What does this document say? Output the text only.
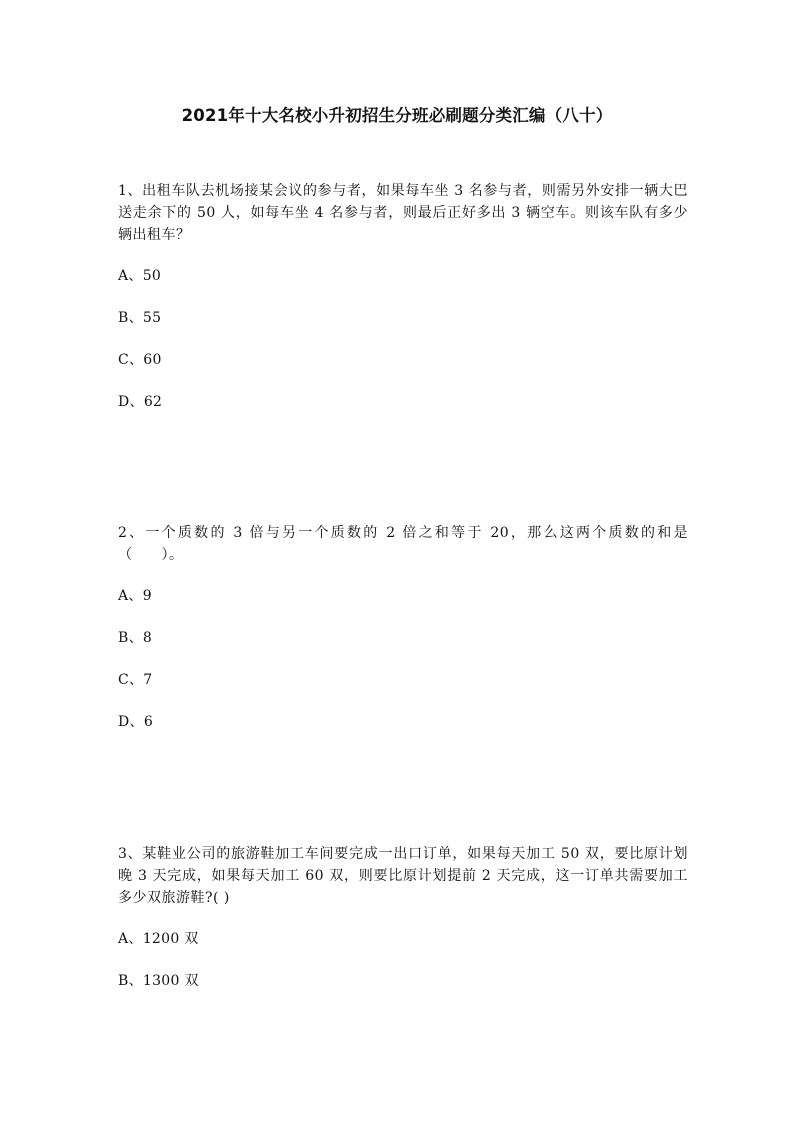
2021年十大名校小升初招生分班必刷题分类汇编（八十）

1、出租车队去机场接某会议的参与者，如果每车坐 3 名参与者，则需另外安排一辆大巴送走余下的 50 人，如每车坐 4 名参与者，则最后正好多出 3 辆空车。则该车队有多少辆出租车？

A、50

B、55

C、60

D、62

2、一个质数的 3 倍与另一个质数的 2 倍之和等于 20，那么这两个质数的和是（　　）。

A、9

B、8

C、7

D、6

3、某鞋业公司的旅游鞋加工车间要完成一出口订单，如果每天加工 50 双，要比原计划晚 3 天完成，如果每天加工 60 双，则要比原计划提前 2 天完成，这一订单共需要加工多少双旅游鞋?( )

A、1200 双

B、1300 双
